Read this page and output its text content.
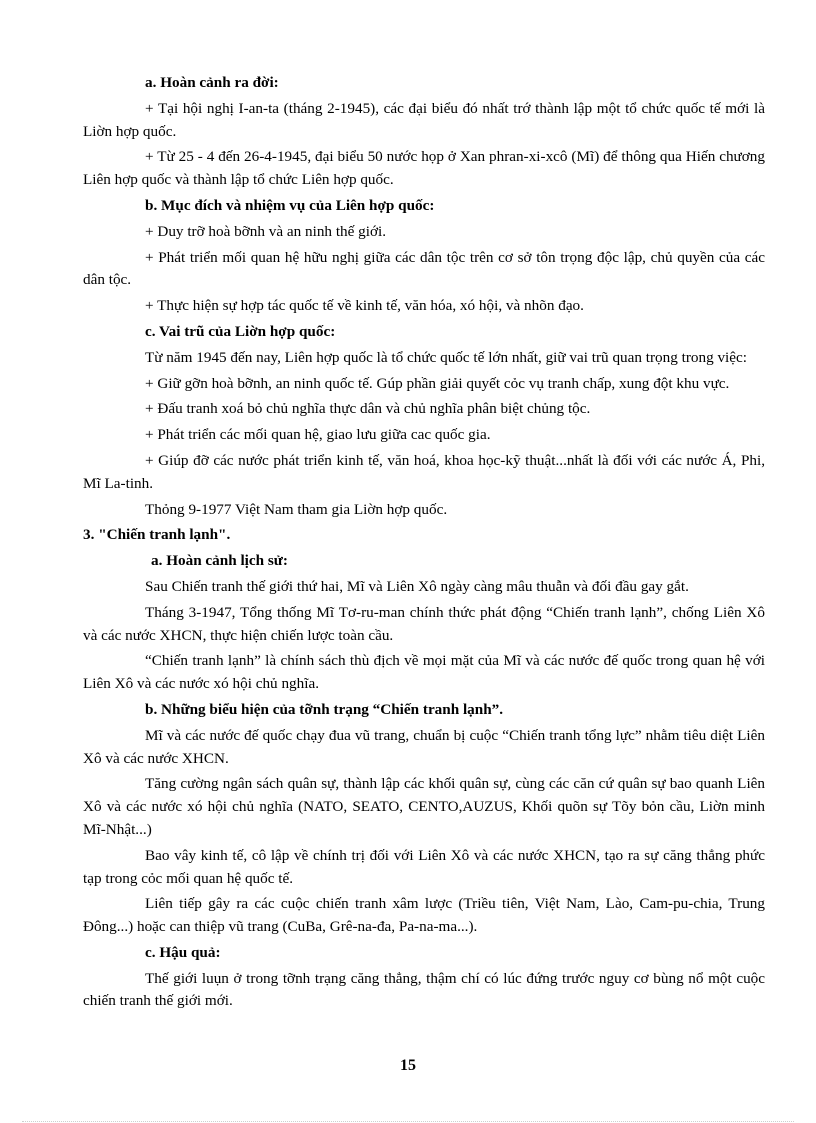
a. Hoàn cảnh ra đời:
+ Tại hội nghị I-an-ta (tháng 2-1945), các đại biểu đó nhất trớ thành lập một tổ chức quốc tế mới là Liờn hợp quốc.
+ Từ 25 - 4 đến 26-4-1945, đại biểu 50 nước họp ở Xan phran-xi-xcô (Mĩ) để thông qua Hiến chương Liên hợp quốc và thành lập tổ chức Liên hợp quốc.
b. Mục đích và nhiệm vụ của Liên hợp quốc:
+ Duy trỡ hoà bỡnh và an ninh thế giới.
+ Phát triển mối quan hệ hữu nghị giữa các dân tộc trên cơ sở tôn trọng độc lập, chủ quyền của các dân tộc.
+ Thực hiện sự hợp tác quốc tế về kinh tế, văn hóa, xó hội, và nhõn đạo.
c. Vai trũ của Liờn hợp quốc:
Từ năm 1945 đến nay, Liên hợp quốc là tổ chức quốc tế lớn nhất, giữ vai trũ quan trọng trong việc:
+ Giữ gỡn hoà bỡnh, an ninh quốc tế. Gúp phần giải quyết cỏc vụ tranh chấp, xung đột khu vực.
+ Đấu tranh xoá bỏ chủ nghĩa thực dân và chủ nghĩa phân biệt chủng tộc.
+ Phát triển các mối quan hệ, giao lưu giữa cac quốc gia.
+ Giúp đỡ các nước phát triển kinh tế, văn hoá, khoa học-kỹ thuật...nhất là đối với các nước Á, Phi, Mĩ La-tinh.
Thỏng 9-1977 Việt Nam tham gia Liờn hợp quốc.
3. "Chiến tranh lạnh".
a. Hoàn cảnh lịch sử:
Sau Chiến tranh thế giới thứ hai, Mĩ và Liên Xô ngày càng mâu thuẫn và đối đầu gay gắt.
Tháng 3-1947, Tổng thống Mĩ Tơ-ru-man chính thức phát động “Chiến tranh lạnh”, chống Liên Xô và các nước XHCN, thực hiện chiến lược toàn cầu.
“Chiến tranh lạnh” là chính sách thù địch về mọi mặt của Mĩ và các nước đế quốc trong quan hệ với Liên Xô và các nước xó hội chủ nghĩa.
b. Những biểu hiện của tỡnh trạng “Chiến tranh lạnh”.
Mĩ và các nước đế quốc chạy đua vũ trang, chuẩn bị cuộc “Chiến tranh tổng lực” nhằm tiêu diệt Liên Xô và các nước XHCN.
Tăng cường ngân sách quân sự, thành lập các khối quân sự, cùng các căn cứ quân sự bao quanh Liên Xô và các nước xó hội chủ nghĩa (NATO, SEATO, CENTO,AUZUS, Khối quõn sự Tõy bỏn cầu, Liờn minh Mĩ-Nhật...)
Bao vây kinh tế, cô lập về chính trị đối với Liên Xô và các nước XHCN, tạo ra sự căng thẳng phức tạp trong cỏc mối quan hệ quốc tế.
Liên tiếp gây ra các cuộc chiến tranh xâm lược (Triều tiên, Việt Nam, Lào, Cam-pu-chia, Trung Đông...) hoặc can thiệp vũ trang (CuBa, Grê-na-đa, Pa-na-ma...).
c. Hậu quả:
Thế giới luụn ở trong tỡnh trạng căng thẳng, thậm chí có lúc đứng trước nguy cơ bùng nổ một cuộc chiến tranh thế giới mới.
15
